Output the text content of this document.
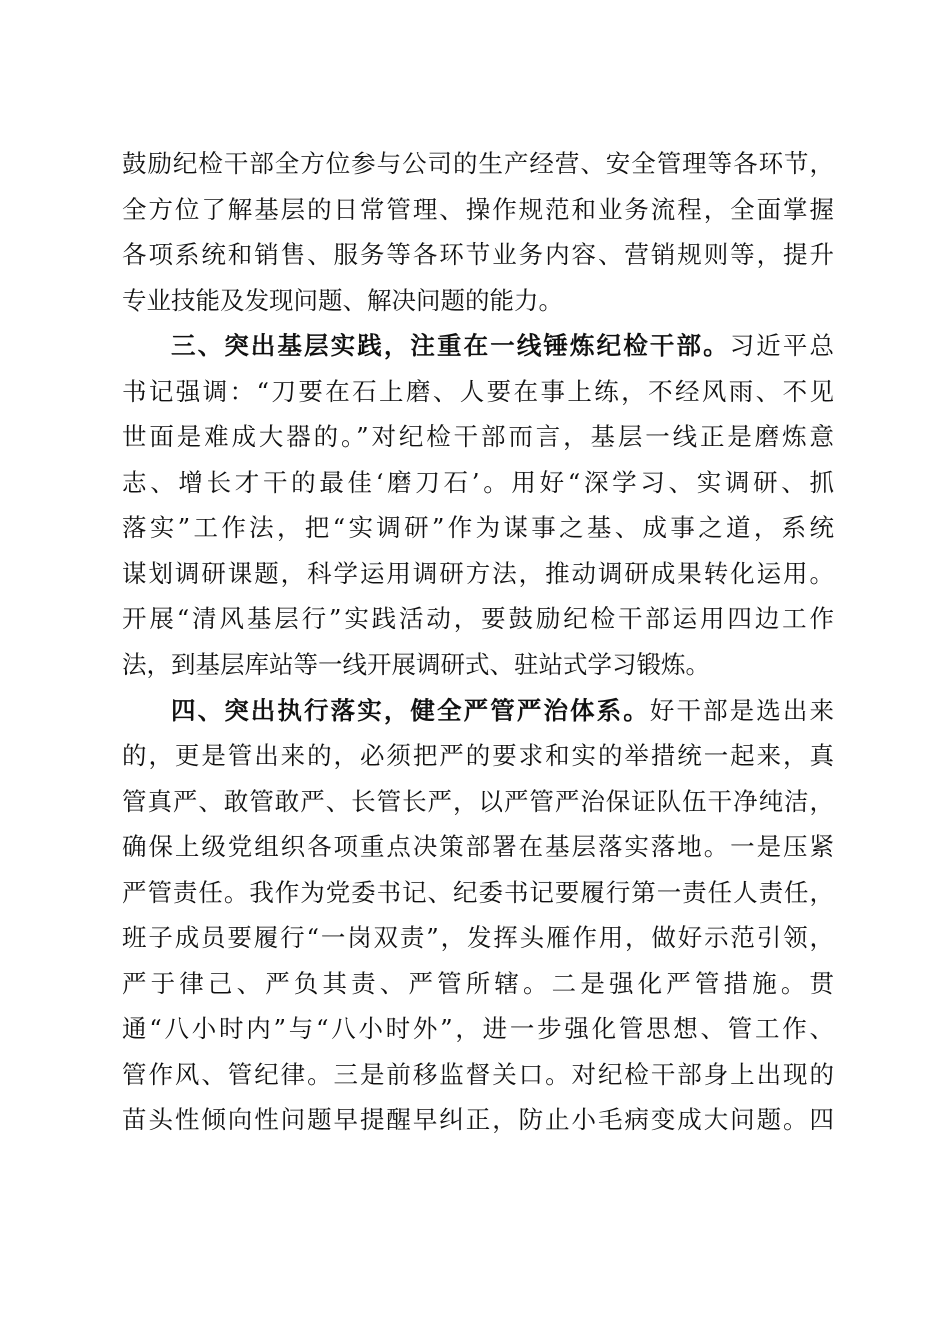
鼓励纪检干部全方位参与公司的生产经营、安全管理等各环节，
全方位了解基层的日常管理、操作规范和业务流程，全面掌握
各项系统和销售、服务等各环节业务内容、营销规则等，提升
专业技能及发现问题、解决问题的能力。
三、突出基层实践，注重在一线锤炼纪检干部。习近平总
书记强调：“刀要在石上磨、人要在事上练，不经风雨、不见
世面是难成大器的。”对纪检干部而言，基层一线正是磨炼意
志、增长才干的最佳‘磨刀石’。用好“深学习、实调研、抓
落实”工作法，把“实调研”作为谋事之基、成事之道，系统
谋划调研课题，科学运用调研方法，推动调研成果转化运用。
开展“清风基层行”实践活动，要鼓励纪检干部运用四边工作
法，到基层库站等一线开展调研式、驻站式学习锻炼。
四、突出执行落实，健全严管严治体系。好干部是选出来
的，更是管出来的，必须把严的要求和实的举措统一起来，真
管真严、敢管敢严、长管长严，以严管严治保证队伍干净纯洁，
确保上级党组织各项重点决策部署在基层落实落地。一是压紧
严管责任。我作为党委书记、纪委书记要履行第一责任人责任，
班子成员要履行“一岗双责”，发挥头雁作用，做好示范引领，
严于律己、严负其责、严管所辖。二是强化严管措施。贯
通“八小时内”与“八小时外”，进一步强化管思想、管工作、
管作风、管纪律。三是前移监督关口。对纪检干部身上出现的
苗头性倾向性问题早提醒早纠正，防止小毛病变成大问题。四
